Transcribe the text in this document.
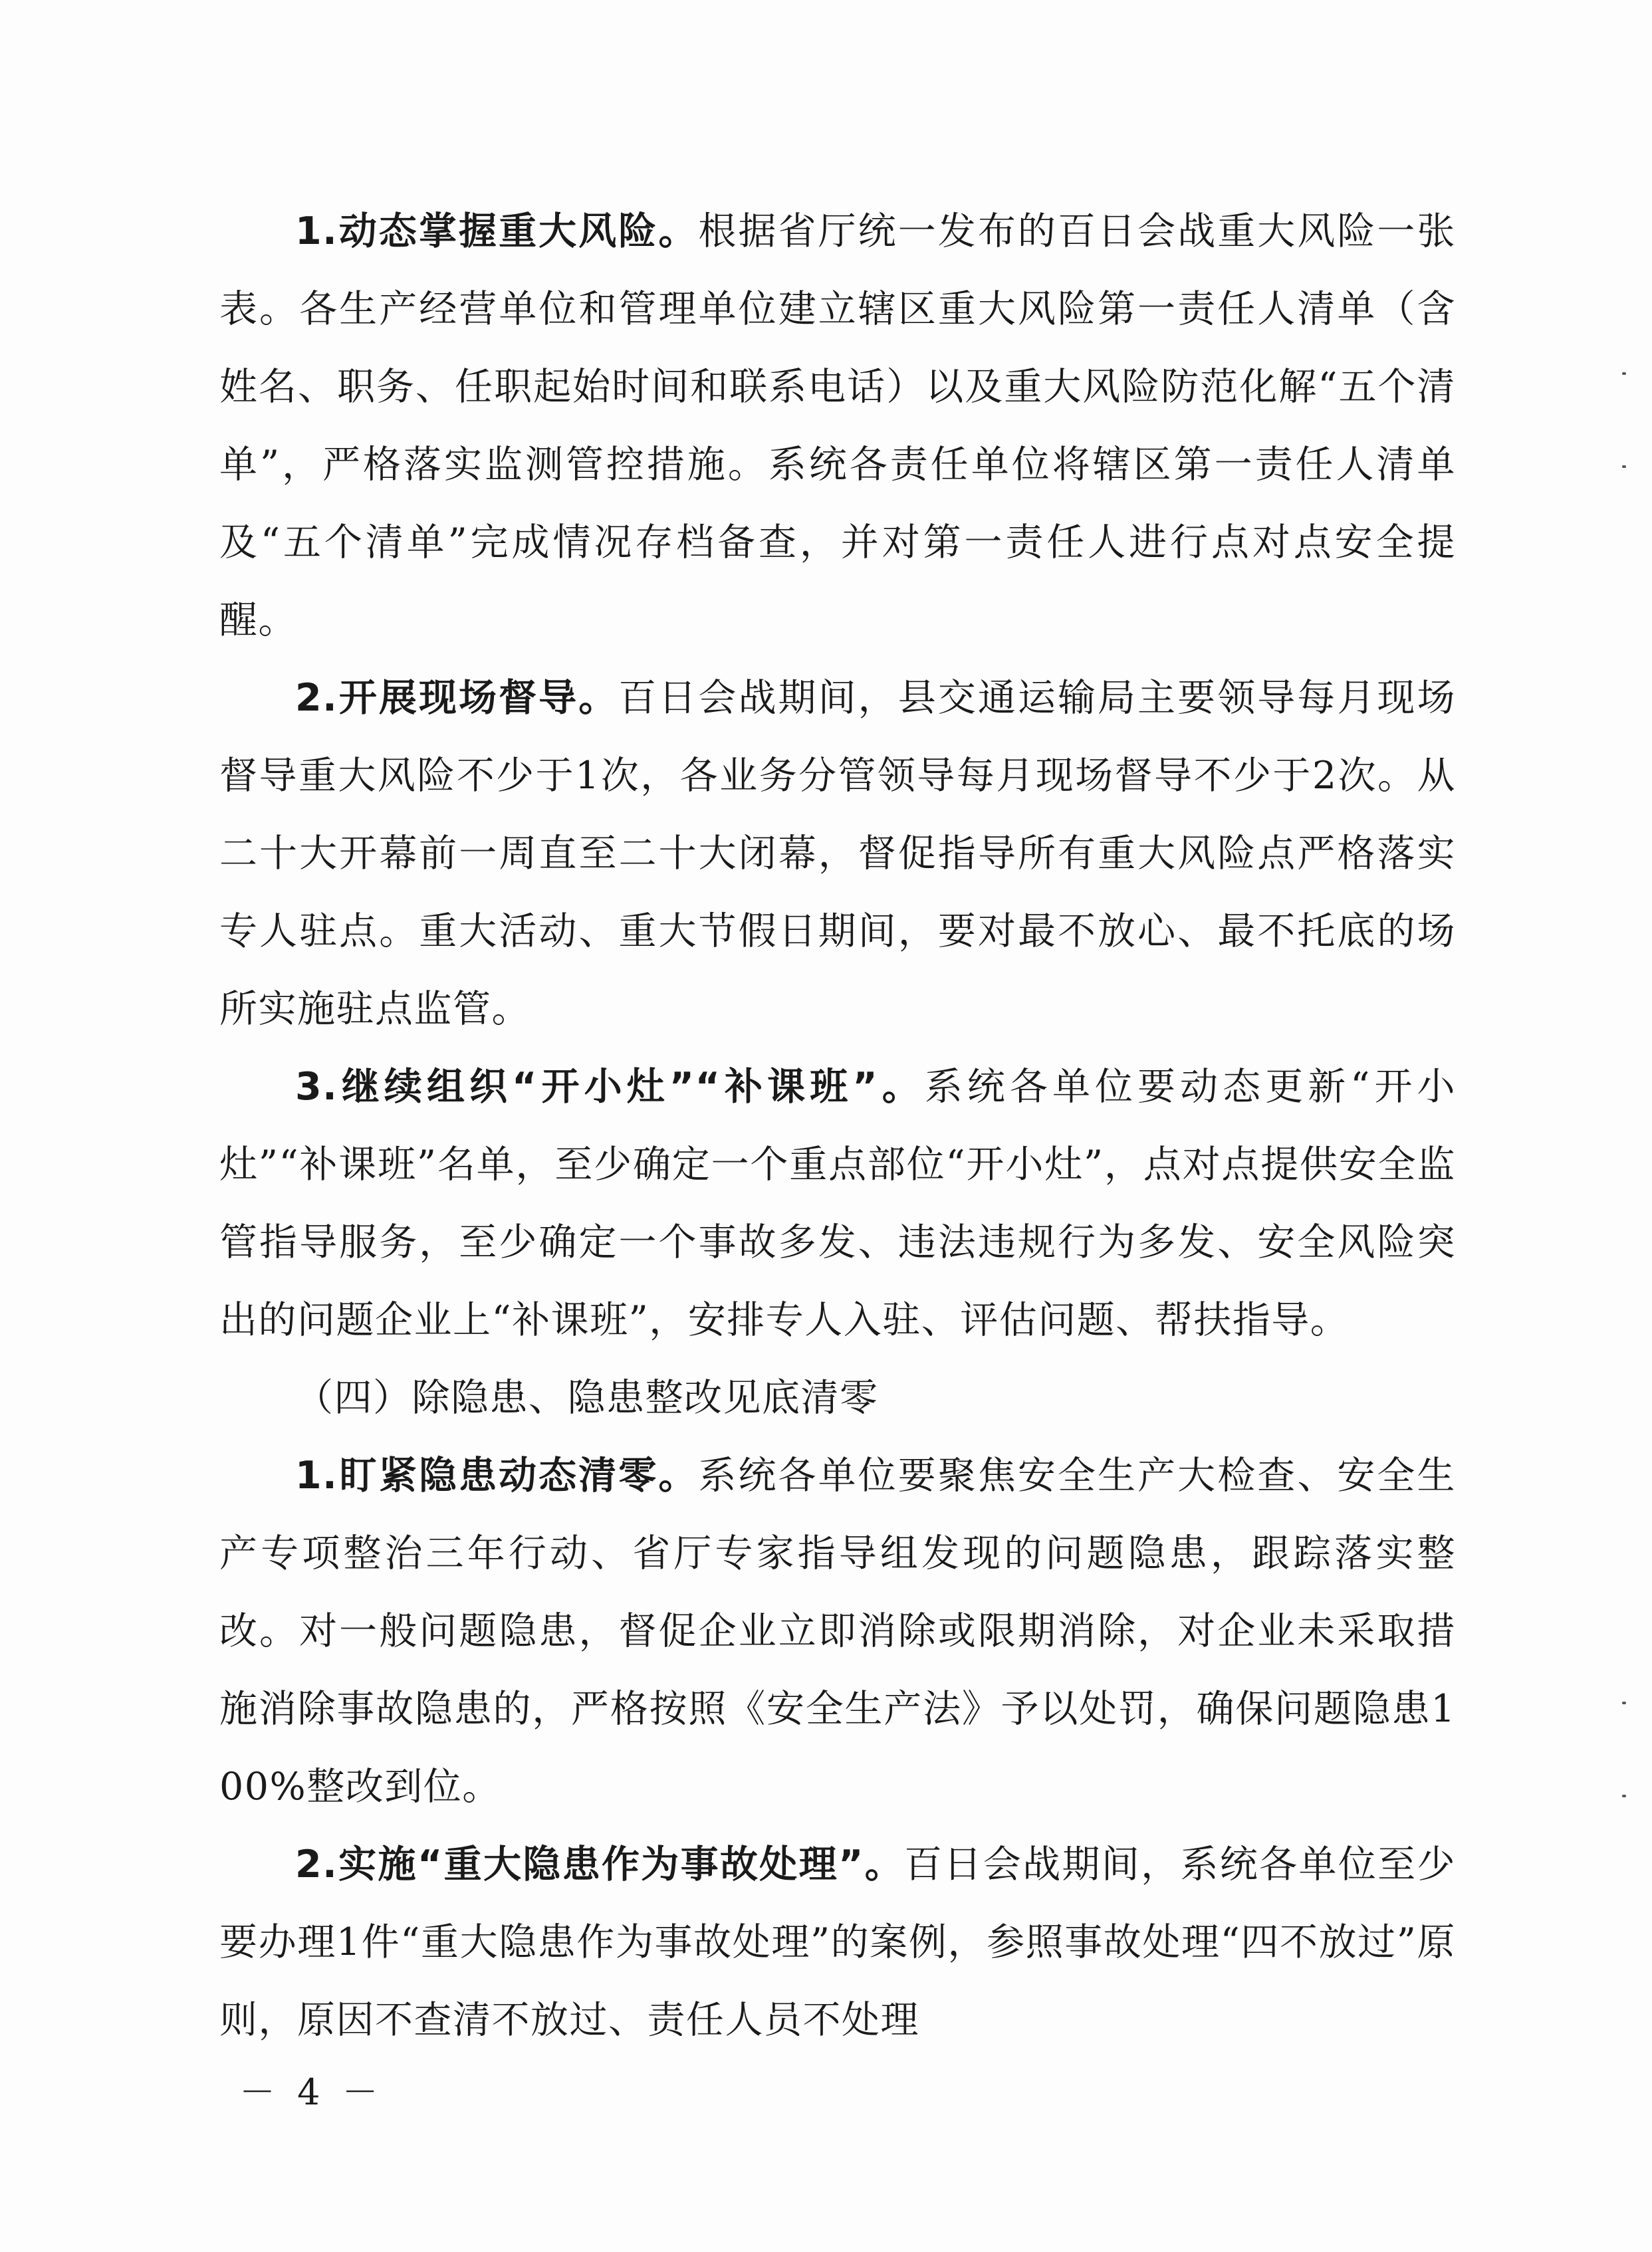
1.动态掌握重大风险。根据省厅统一发布的百日会战重大风险一张表。各生产经营单位和管理单位建立辖区重大风险第一责任人清单（含姓名、职务、任职起始时间和联系电话）以及重大风险防范化解“五个清单”，严格落实监测管控措施。系统各责任单位将辖区第一责任人清单及“五个清单”完成情况存档备查，并对第一责任人进行点对点安全提醒。

2.开展现场督导。百日会战期间，县交通运输局主要领导每月现场督导重大风险不少于1次，各业务分管领导每月现场督导不少于2次。从二十大开幕前一周直至二十大闭幕，督促指导所有重大风险点严格落实专人驻点。重大活动、重大节假日期间，要对最不放心、最不托底的场所实施驻点监管。

3.继续组织“开小灶”“补课班”。系统各单位要动态更新“开小灶”“补课班”名单，至少确定一个重点部位“开小灶”，点对点提供安全监管指导服务，至少确定一个事故多发、违法违规行为多发、安全风险突出的问题企业上“补课班”，安排专人入驻、评估问题、帮扶指导。

（四）除隐患、隐患整改见底清零

1.盯紧隐患动态清零。系统各单位要聚焦安全生产大检查、安全生产专项整治三年行动、省厅专家指导组发现的问题隐患，跟踪落实整改。对一般问题隐患，督促企业立即消除或限期消除，对企业未采取措施消除事故隐患的，严格按照《安全生产法》予以处罚，确保问题隐患100%整改到位。

2.实施“重大隐患作为事故处理”。百日会战期间，系统各单位至少要办理1件“重大隐患作为事故处理”的案例，参照事故处理“四不放过”原则，原因不查清不放过、责任人员不处理

－ 4 －
